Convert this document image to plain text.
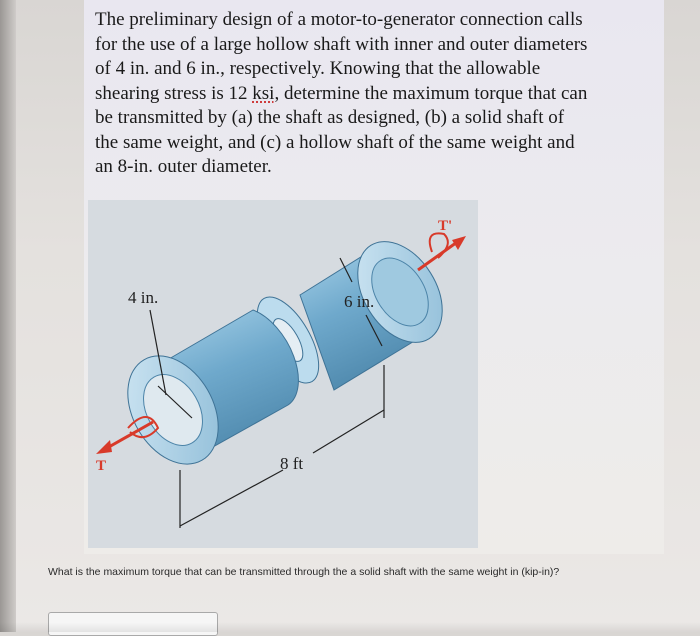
The preliminary design of a motor-to-generator connection calls
for the use of a large hollow shaft with inner and outer diameters
of 4 in. and 6 in., respectively. Knowing that the allowable
shearing stress is 12 ksi, determine the maximum torque that can
be transmitted by (a) the shaft as designed, (b) a solid shaft of
the same weight, and (c) a hollow shaft of the same weight and
an 8-in. outer diameter.
4 in.	6 in.
8 ft
T
T'
What is the maximum torque that can be transmitted through the a solid shaft with the same weight in (kip-in)?
